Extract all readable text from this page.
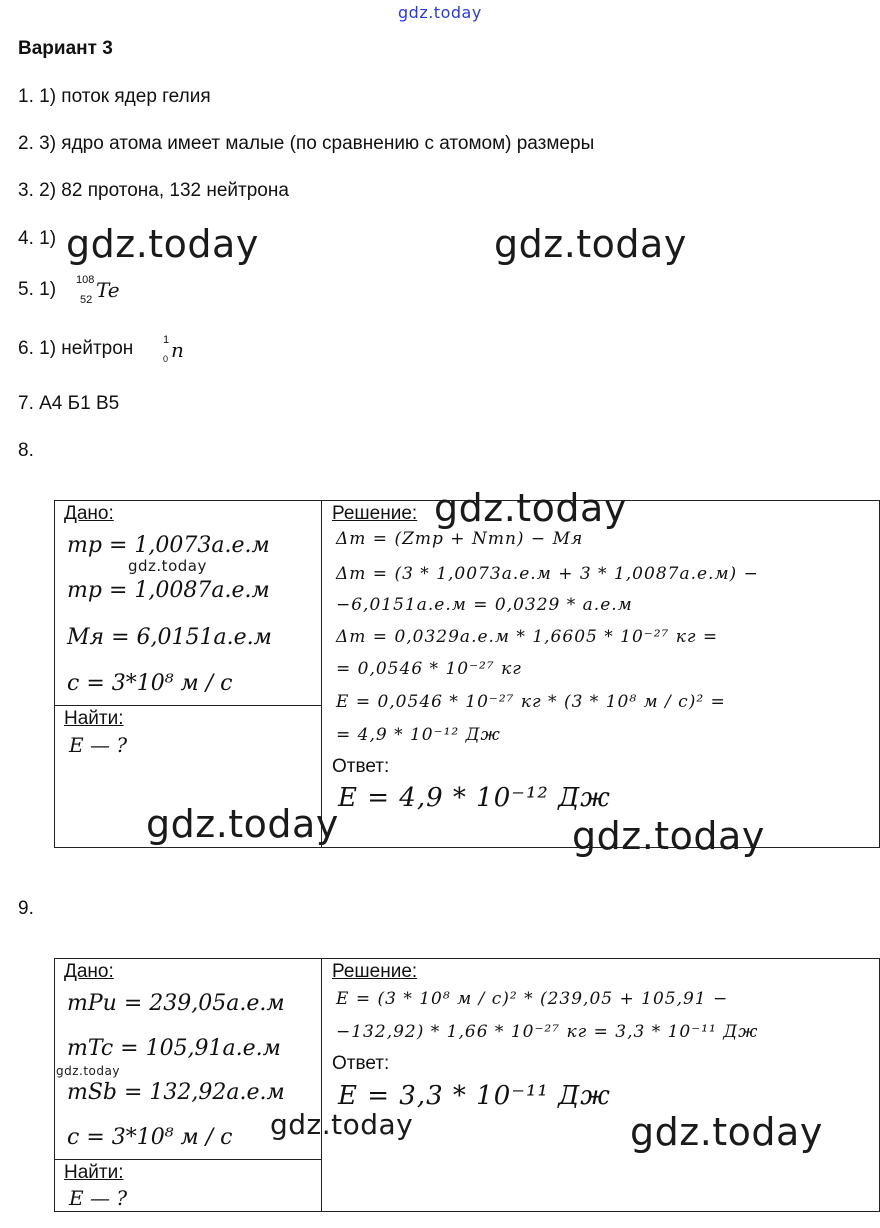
gdz.today
Вариант 3
1. 1) поток ядер гелия
2. 3) ядро атома имеет малые (по сравнению с атомом) размеры
3. 2) 82 протона, 132 нейтрона
4. 1)
5. 1) 108
52 Te
6. 1) нейтрон	1
0 n
7. А4 Б1 В5
8.
Дано:
mp = 1,0073а.е.м
mp = 1,0087а.е.м
Mя = 6,0151а.е.м
c = 3*10⁸ м / с

Решение:
Δm = (Zmp + Nmn) − Mя
Δm = (3 * 1,0073а.е.м + 3 * 1,0087а.е.м) −
−6,0151а.е.м = 0,0329 * а.е.м
Δm = 0,0329а.е.м * 1,6605 * 10⁻²⁷ кг =
= 0,0546 * 10⁻²⁷ кг
E = 0,0546 * 10⁻²⁷ кг * (3 * 10⁸ м / с)² =
= 4,9 * 10⁻¹² Дж
Ответ:
E = 4,9 * 10⁻¹² Дж

Найти:
E — ?
9.
Дано:
mPu = 239,05а.е.м
mTc = 105,91а.е.м
mSb = 132,92а.е.м
c = 3*10⁸ м / с

Решение:
E = (3 * 10⁸ м / с)² * (239,05 + 105,91 −
−132,92) * 1,66 * 10⁻²⁷ кг = 3,3 * 10⁻¹¹ Дж
Ответ:
E = 3,3 * 10⁻¹¹ Дж

Найти:
E — ?
gdz.today	gdz.today
gdz.today
gdz.today
gdz.today	gdz.today
gdz.today
gdz.today	gdz.today
